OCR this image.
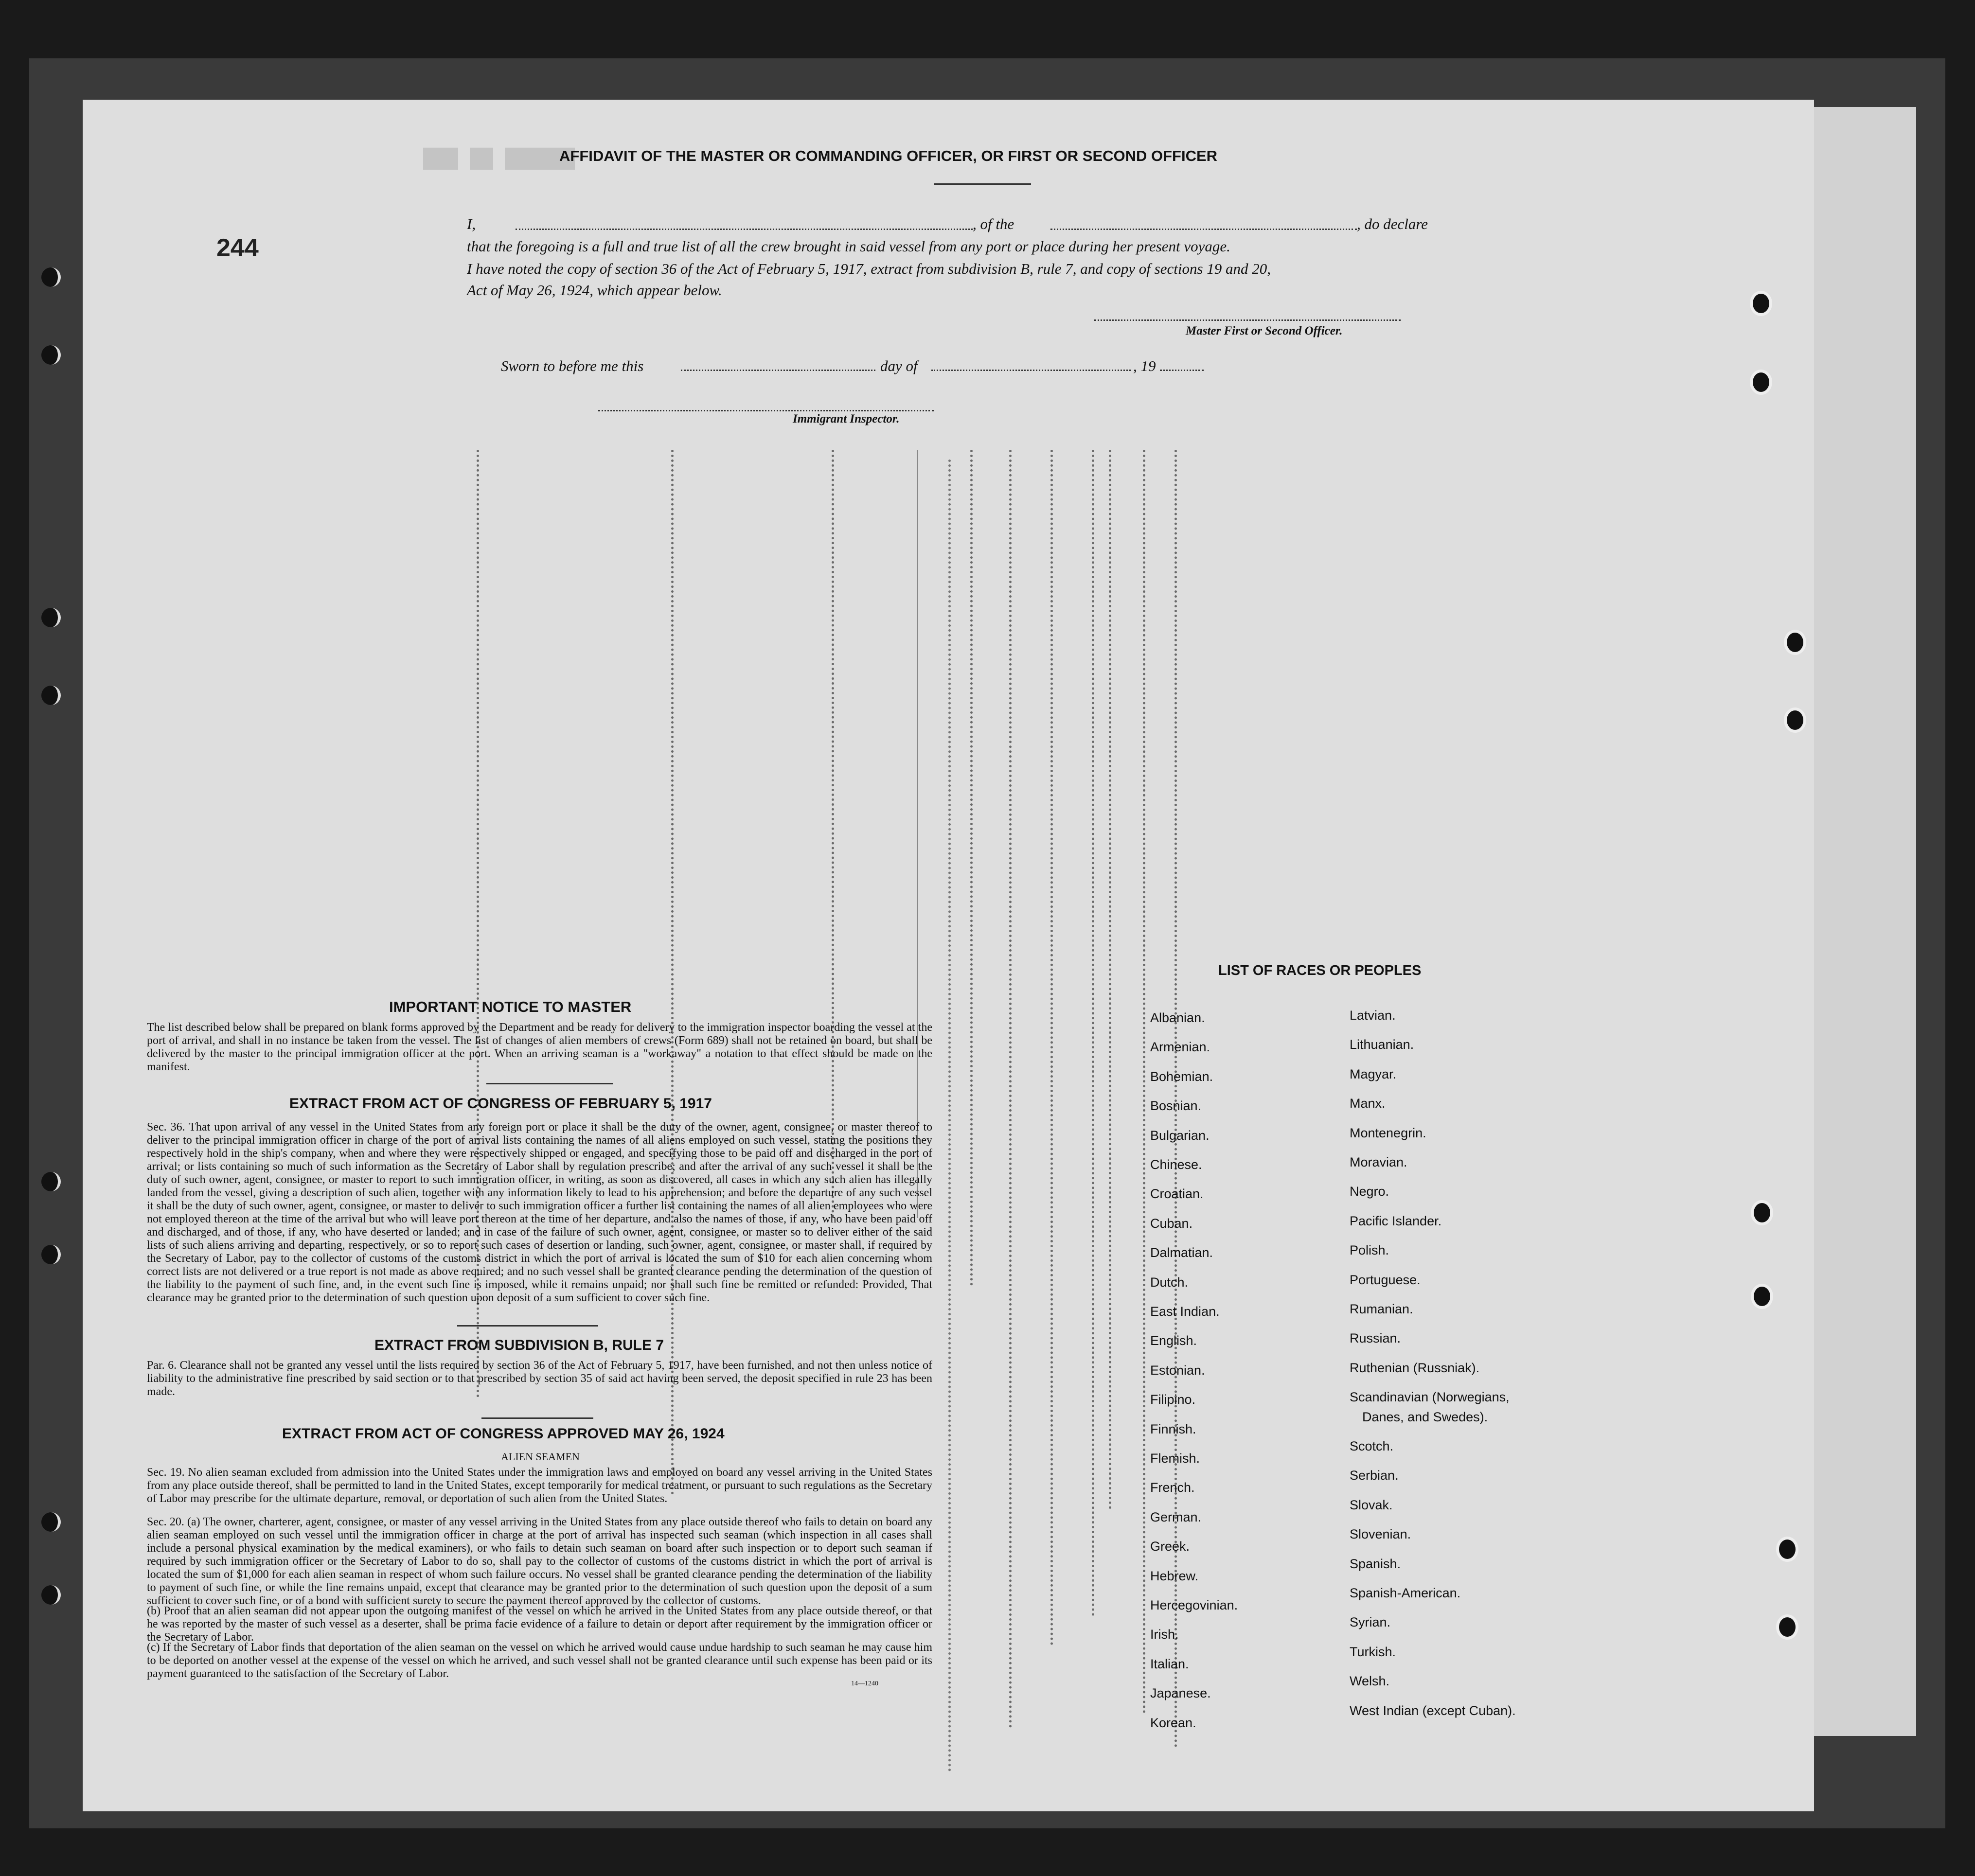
███ ██ ██████
AFFIDAVIT OF THE MASTER OR COMMANDING OFFICER, OR FIRST OR SECOND OFFICER
I,	, of the	, do declare
244	that the foregoing is a full and true list of all the crew brought in said vessel from any port or place during her present voyage.
I have noted the copy of section 36 of the Act of February 5, 1917, extract from subdivision B, rule 7, and copy of sections 19 and 20,
Act of May 26, 1924, which appear below.
Master First or Second Officer.
Sworn to before me this	day of	, 19
Immigrant Inspector.
IMPORTANT NOTICE TO MASTER
The list described below shall be prepared on blank forms approved by the Department and be ready for delivery to the immigration inspector boarding the vessel at the port of arrival, and shall in no instance be taken from the vessel. The list of changes of alien members of crews (Form 689) shall not be retained on board, but shall be delivered by the master to the principal immigration officer at the port. When an arriving seaman is a "workaway" a notation to that effect should be made on the manifest.
EXTRACT FROM ACT OF CONGRESS OF FEBRUARY 5, 1917
Sec. 36. That upon arrival of any vessel in the United States from any foreign port or place it shall be the duty of the owner, agent, consignee, or master thereof to deliver to the principal immigration officer in charge of the port of arrival lists containing the names of all aliens employed on such vessel, stating the positions they respectively hold in the ship's company, when and where they were respectively shipped or engaged, and specifying those to be paid off and discharged in the port of arrival; or lists containing so much of such information as the Secretary of Labor shall by regulation prescribe; and after the arrival of any such vessel it shall be the duty of such owner, agent, consignee, or master to report to such immigration officer, in writing, as soon as discovered, all cases in which any such alien has illegally landed from the vessel, giving a description of such alien, together with any information likely to lead to his apprehension; and before the departure of any such vessel it shall be the duty of such owner, agent, consignee, or master to deliver to such immigration officer a further list containing the names of all alien employees who were not employed thereon at the time of the arrival but who will leave port thereon at the time of her departure, and also the names of those, if any, who have been paid off and discharged, and of those, if any, who have deserted or landed; and in case of the failure of such owner, agent, consignee, or master so to deliver either of the said lists of such aliens arriving and departing, respectively, or so to report such cases of desertion or landing, such owner, agent, consignee, or master shall, if required by the Secretary of Labor, pay to the collector of customs of the customs district in which the port of arrival is located the sum of $10 for each alien concerning whom correct lists are not delivered or a true report is not made as above required; and no such vessel shall be granted clearance pending the determination of the question of the liability to the payment of such fine, and, in the event such fine is imposed, while it remains unpaid; nor shall such fine be remitted or refunded: Provided, That clearance may be granted prior to the determination of such question upon deposit of a sum sufficient to cover such fine.
EXTRACT FROM SUBDIVISION B, RULE 7
Par. 6. Clearance shall not be granted any vessel until the lists required by section 36 of the Act of February 5, 1917, have been furnished, and not then unless notice of liability to the administrative fine prescribed by said section or to that prescribed by section 35 of said act having been served, the deposit specified in rule 23 has been made.
EXTRACT FROM ACT OF CONGRESS APPROVED MAY 26, 1924
ALIEN SEAMEN
Sec. 19. No alien seaman excluded from admission into the United States under the immigration laws and employed on board any vessel arriving in the United States from any place outside thereof, shall be permitted to land in the United States, except temporarily for medical treatment, or pursuant to such regulations as the Secretary of Labor may prescribe for the ultimate departure, removal, or deportation of such alien from the United States.
Sec. 20. (a) The owner, charterer, agent, consignee, or master of any vessel arriving in the United States from any place outside thereof who fails to detain on board any alien seaman employed on such vessel until the immigration officer in charge at the port of arrival has inspected such seaman (which inspection in all cases shall include a personal physical examination by the medical examiners), or who fails to detain such seaman on board after such inspection or to deport such seaman if required by such immigration officer or the Secretary of Labor to do so, shall pay to the collector of customs of the customs district in which the port of arrival is located the sum of $1,000 for each alien seaman in respect of whom such failure occurs. No vessel shall be granted clearance pending the determination of the liability to payment of such fine, or while the fine remains unpaid, except that clearance may be granted prior to the determination of such question upon the deposit of a sum sufficient to cover such fine, or of a bond with sufficient surety to secure the payment thereof approved by the collector of customs.
(b) Proof that an alien seaman did not appear upon the outgoing manifest of the vessel on which he arrived in the United States from any place outside thereof, or that he was reported by the master of such vessel as a deserter, shall be prima facie evidence of a failure to detain or deport after requirement by the immigration officer or the Secretary of Labor.
(c) If the Secretary of Labor finds that deportation of the alien seaman on the vessel on which he arrived would cause undue hardship to such seaman he may cause him to be deported on another vessel at the expense of the vessel on which he arrived, and such vessel shall not be granted clearance until such expense has been paid or its payment guaranteed to the satisfaction of the Secretary of Labor.
14—1240
LIST OF RACES OR PEOPLES
Albanian.
Armenian.
Bohemian.
Bosnian.
Bulgarian.
Chinese.
Croatian.
Cuban.
Dalmatian.
Dutch.
East Indian.
English.
Estonian.
Filipino.
Finnish.
Flemish.
French.
German.
Greek.
Hebrew.
Hercegovinian.
Irish.
Italian.
Japanese.
Korean.
Latvian.
Lithuanian.
Magyar.
Manx.
Montenegrin.
Moravian.
Negro.
Pacific Islander.
Polish.
Portuguese.
Rumanian.
Russian.
Ruthenian (Russniak).
Scandinavian (Norwegians,
Danes, and Swedes).
Scotch.
Serbian.
Slovak.
Slovenian.
Spanish.
Spanish-American.
Syrian.
Turkish.
Welsh.
West Indian (except Cuban).
